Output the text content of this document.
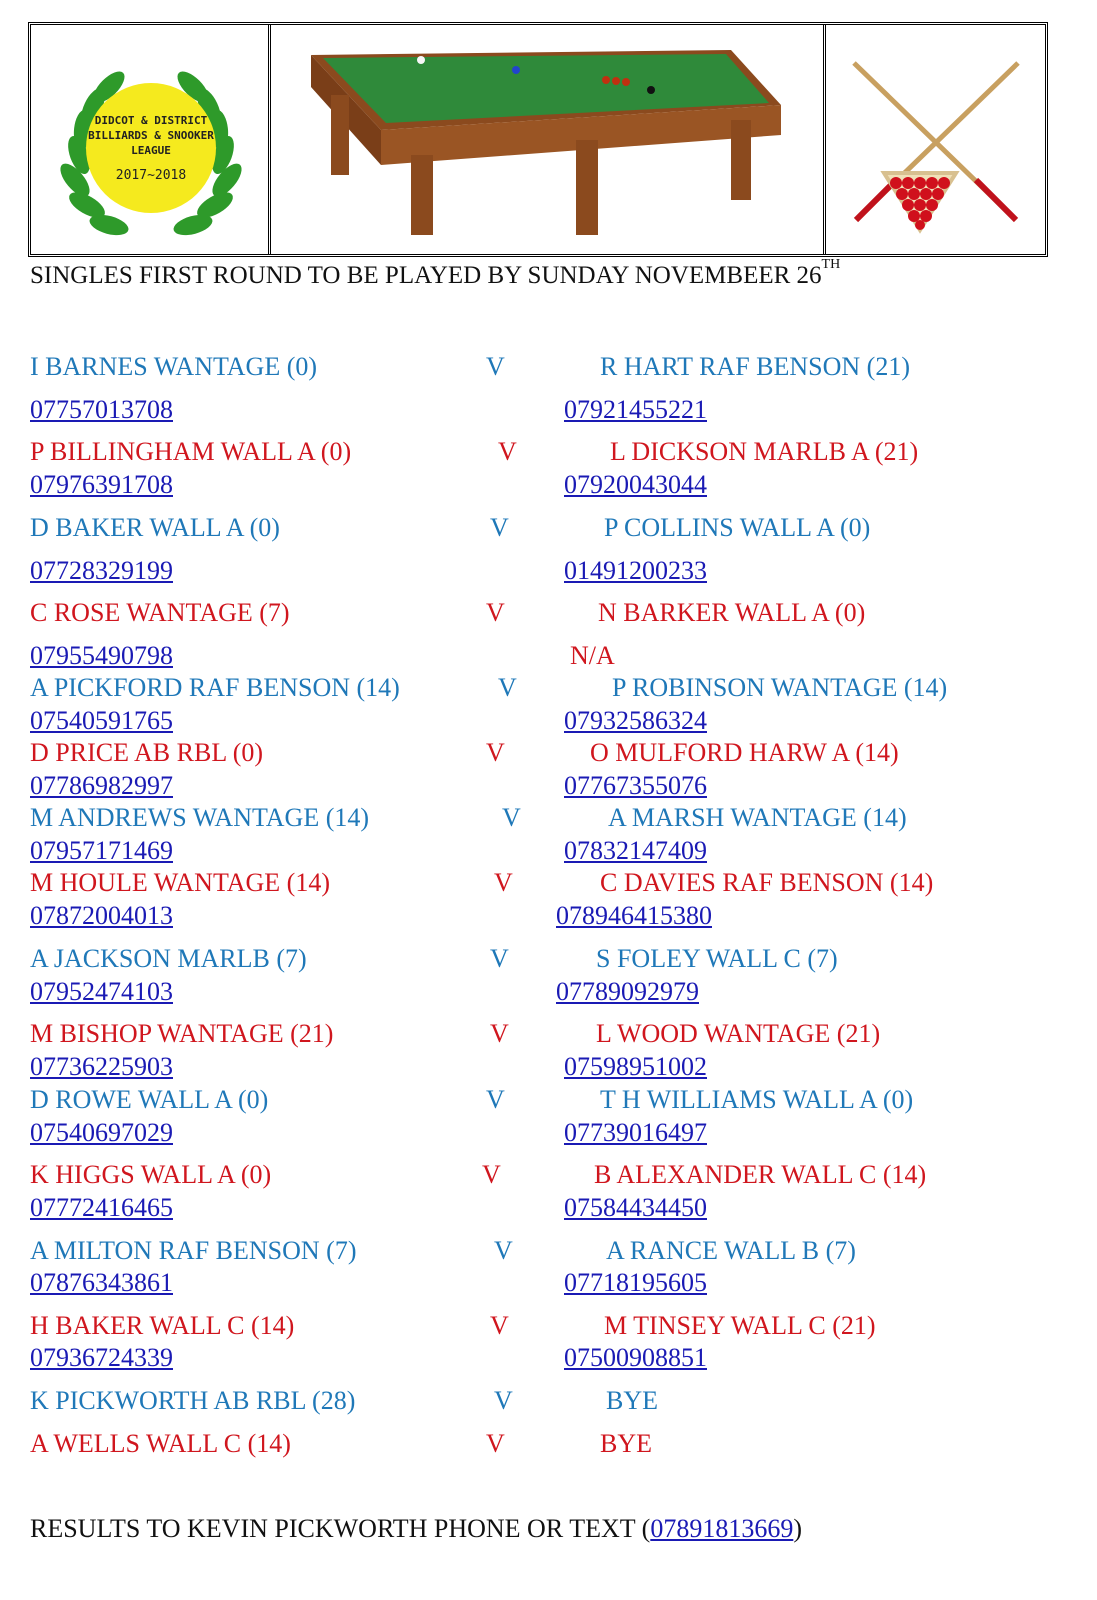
DIDCOT & DISTRICT
BILLIARDS & SNOOKER
LEAGUE
2017~2018
SINGLES FIRST ROUND TO BE PLAYED BY SUNDAY NOVEMBEER 26TH
I BARNES WANTAGE (0)	V	R HART RAF BENSON (21)
07757013708	07921455221
P BILLINGHAM WALL A (0)	V	L DICKSON MARLB A (21)
07976391708	07920043044
D BAKER WALL A (0)	V	P COLLINS WALL A (0)
07728329199	01491200233
C ROSE WANTAGE (7)	V	N BARKER WALL A (0)
07955490798	N/A
A PICKFORD RAF BENSON (14)	V	P ROBINSON WANTAGE (14)
07540591765	07932586324
D PRICE AB RBL (0)	V	O MULFORD HARW A (14)
07786982997	07767355076
M ANDREWS WANTAGE (14)	V	A MARSH WANTAGE (14)
07957171469	07832147409
M HOULE WANTAGE (14)	V	C DAVIES RAF BENSON (14)
07872004013	078946415380
A JACKSON MARLB (7)	V	S FOLEY WALL C (7)
07952474103	07789092979
M BISHOP WANTAGE (21)	V	L WOOD WANTAGE (21)
07736225903	07598951002
D ROWE WALL A (0)	V	T H WILLIAMS WALL A (0)
07540697029	07739016497
K HIGGS WALL A (0)	V	B ALEXANDER WALL C (14)
07772416465	07584434450
A MILTON RAF BENSON (7)	V	A RANCE WALL B (7)
07876343861	07718195605
H BAKER WALL C (14)	V	M TINSEY WALL C (21)
07936724339	07500908851
K PICKWORTH AB RBL (28)	V	BYE
A WELLS WALL C (14)	V	BYE
RESULTS TO KEVIN PICKWORTH PHONE OR TEXT (07891813669)
